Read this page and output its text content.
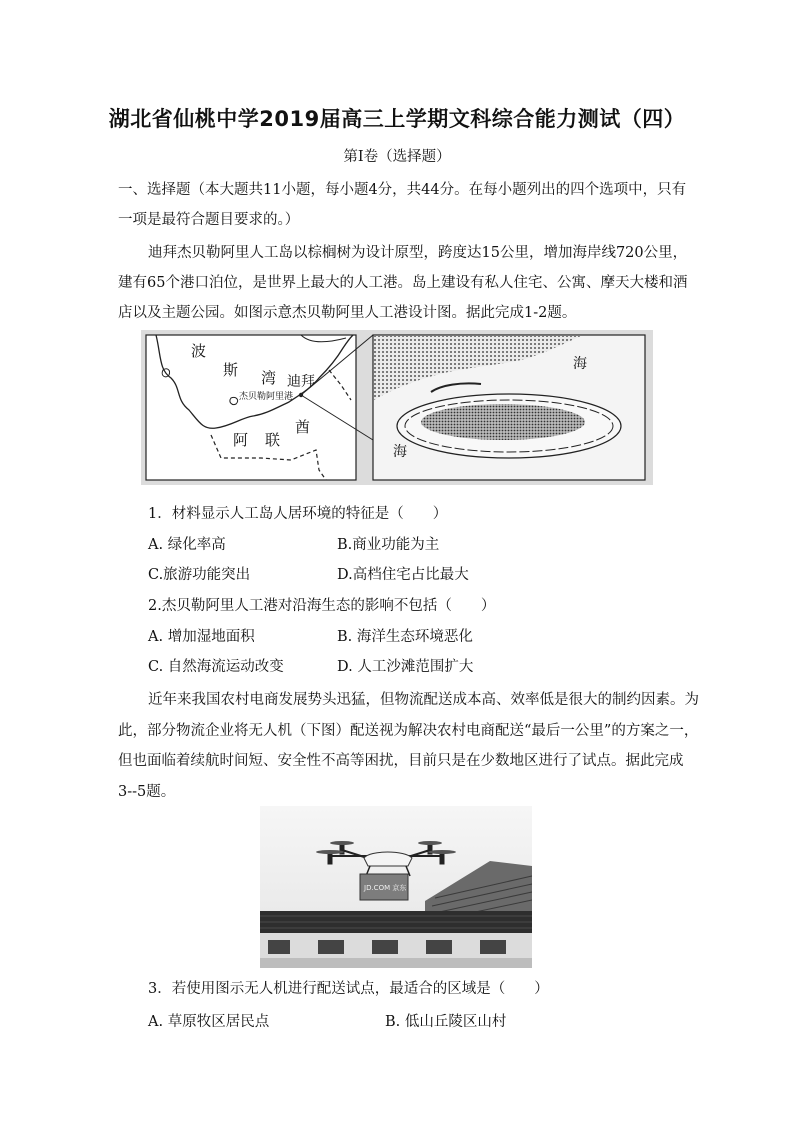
湖北省仙桃中学2019届高三上学期文科综合能力测试（四）
第Ⅰ卷（选择题）
一、选择题（本大题共11小题，每小题4分，共44分。在每小题列出的四个选项中，只有
一项是最符合题目要求的。）
迪拜杰贝勒阿里人工岛以棕榈树为设计原型，跨度达15公里，增加海岸线720公里，
建有65个港口泊位，是世界上最大的人工港。岛上建设有私人住宅、公寓、摩天大楼和酒
店以及主题公园。如图示意杰贝勒阿里人工港设计图。据此完成1-2题。
波
斯 湾 迪拜
杰贝勒阿里港
酋
阿 联
海
海
1．材料显示人工岛人居环境的特征是（　　）
A. 绿化率高	B.商业功能为主
C.旅游功能突出	D.高档住宅占比最大
2.杰贝勒阿里人工港对沿海生态的影响不包括（　　）
A. 增加湿地面积	B. 海洋生态环境恶化
C. 自然海流运动改变	D. 人工沙滩范围扩大
近年来我国农村电商发展势头迅猛，但物流配送成本高、效率低是很大的制约因素。为
此，部分物流企业将无人机（下图）配送视为解决农村电商配送“最后一公里”的方案之一，
但也面临着续航时间短、安全性不高等困扰，目前只是在少数地区进行了试点。据此完成
3--5题。
JD.COM 京东
3．若使用图示无人机进行配送试点，最适合的区域是（　　）
A. 草原牧区居民点	B. 低山丘陵区山村
